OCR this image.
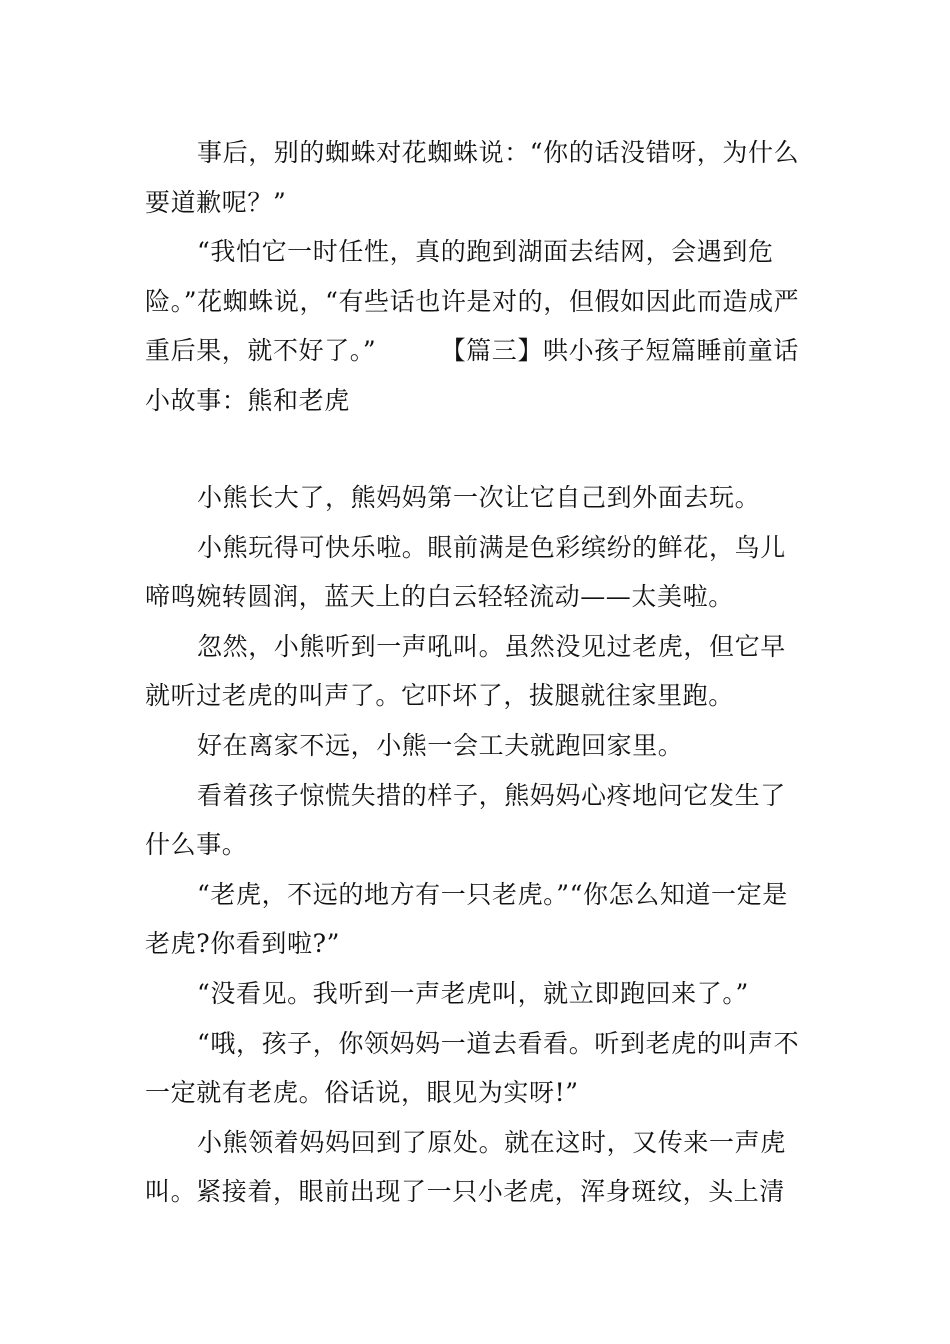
事后，别的蜘蛛对花蜘蛛说：“你的话没错呀，为什么要道歉呢？”

“我怕它一时任性，真的跑到湖面去结网，会遇到危险。”花蜘蛛说，“有些话也许是对的，但假如因此而造成严重后果，就不好了。”　　　【篇三】哄小孩子短篇睡前童话小故事：熊和老虎

小熊长大了，熊妈妈第一次让它自己到外面去玩。

小熊玩得可快乐啦。眼前满是色彩缤纷的鲜花，鸟儿啼鸣婉转圆润，蓝天上的白云轻轻流动——太美啦。

忽然，小熊听到一声吼叫。虽然没见过老虎，但它早就听过老虎的叫声了。它吓坏了，拔腿就往家里跑。

好在离家不远，小熊一会工夫就跑回家里。

看着孩子惊慌失措的样子，熊妈妈心疼地问它发生了什么事。

“老虎，不远的地方有一只老虎。”“你怎么知道一定是老虎?你看到啦?”

“没看见。我听到一声老虎叫，就立即跑回来了。”

“哦，孩子，你领妈妈一道去看看。听到老虎的叫声不一定就有老虎。俗话说，眼见为实呀!”

小熊领着妈妈回到了原处。就在这时，又传来一声虎叫。紧接着，眼前出现了一只小老虎，浑身斑纹，头上清
